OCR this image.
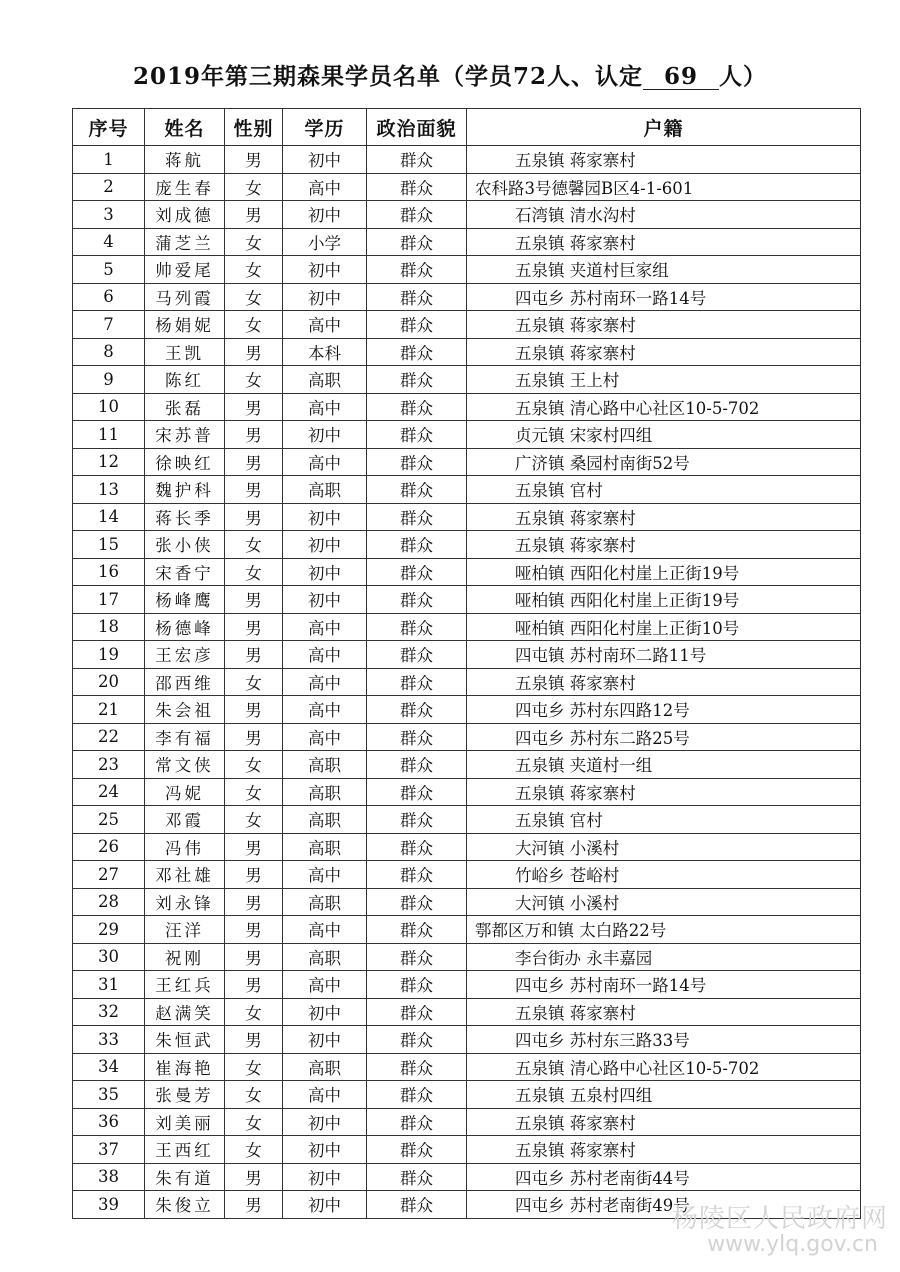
2019年第三期森果学员名单（学员72人、认定 69 人）
序号	姓名	性别	学历	政治面貌	户籍
1	蒋航	男	初中	群众	五泉镇 蒋家寨村
2	庞生春	女	高中	群众	农科路3号德馨园B区4-1-601
3	刘成德	男	初中	群众	石湾镇 清水沟村
4	蒲芝兰	女	小学	群众	五泉镇 蒋家寨村
5	帅爱尾	女	初中	群众	五泉镇 夹道村巨家组
6	马列霞	女	初中	群众	四屯乡 苏村南环一路14号
7	杨娟妮	女	高中	群众	五泉镇 蒋家寨村
8	王凯	男	本科	群众	五泉镇 蒋家寨村
9	陈红	女	高职	群众	五泉镇 王上村
10	张磊	男	高中	群众	五泉镇 清心路中心社区10-5-702
11	宋苏普	男	初中	群众	贞元镇 宋家村四组
12	徐映红	男	高中	群众	广济镇 桑园村南街52号
13	魏护科	男	高职	群众	五泉镇 官村
14	蒋长季	男	初中	群众	五泉镇 蒋家寨村
15	张小侠	女	初中	群众	五泉镇 蒋家寨村
16	宋香宁	女	初中	群众	哑柏镇 西阳化村崖上正街19号
17	杨峰鹰	男	初中	群众	哑柏镇 西阳化村崖上正街19号
18	杨德峰	男	高中	群众	哑柏镇 西阳化村崖上正街10号
19	王宏彦	男	高中	群众	四屯镇 苏村南环二路11号
20	邵西维	女	高中	群众	五泉镇 蒋家寨村
21	朱会祖	男	高中	群众	四屯乡 苏村东四路12号
22	李有福	男	高中	群众	四屯乡 苏村东二路25号
23	常文侠	女	高职	群众	五泉镇 夹道村一组
24	冯妮	女	高职	群众	五泉镇 蒋家寨村
25	邓霞	女	高职	群众	五泉镇 官村
26	冯伟	男	高职	群众	大河镇 小溪村
27	邓社雄	男	高中	群众	竹峪乡 苍峪村
28	刘永锋	男	高职	群众	大河镇 小溪村
29	汪洋	男	高中	群众	鄠都区万和镇 太白路22号
30	祝刚	男	高职	群众	李台街办 永丰嘉园
31	王红兵	男	高中	群众	四屯乡 苏村南环一路14号
32	赵满笑	女	初中	群众	五泉镇 蒋家寨村
33	朱恒武	男	初中	群众	四屯乡 苏村东三路33号
34	崔海艳	女	高职	群众	五泉镇 清心路中心社区10-5-702
35	张曼芳	女	高中	群众	五泉镇 五泉村四组
36	刘美丽	女	初中	群众	五泉镇 蒋家寨村
37	王西红	女	初中	群众	五泉镇 蒋家寨村
38	朱有道	男	初中	群众	四屯乡 苏村老南街44号
39	朱俊立	男	初中	群众	四屯乡 苏村老南街49号
杨陵区人民政府网
www.ylq.gov.cn
